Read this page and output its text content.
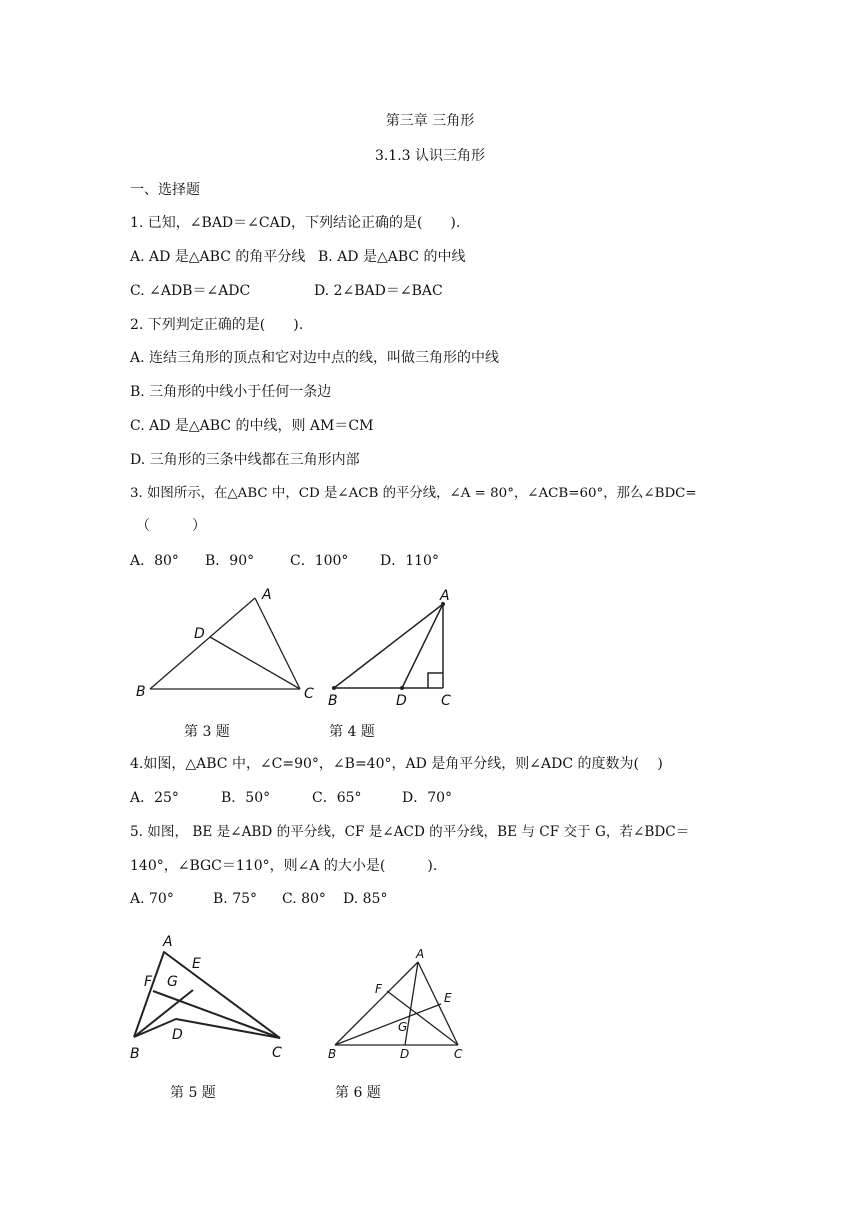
第三章 三角形
3.1.3 认识三角形
一、选择题
1. 已知，∠BAD＝∠CAD，下列结论正确的是(　　).
A. AD 是△ABC 的角平分线 B. AD 是△ABC 的中线
C. ∠ADB＝∠ADC	D. 2∠BAD＝∠BAC
2. 下列判定正确的是(　　).
A. 连结三角形的顶点和它对边中点的线，叫做三角形的中线
B. 三角形的中线小于任何一条边
C. AD 是△ABC 的中线，则 AM＝CM
D. 三角形的三条中线都在三角形内部
3. 如图所示，在△ABC 中，CD 是∠ACB 的平分线，∠A = 80°，∠ACB=60°，那么∠BDC=
（　　　）
A．80° B．90°	C．100° D．110°
A
D
B	C
第 3 题
A
B	D C
第 4 题
4.如图，△ABC 中，∠C=90°，∠B=40°，AD 是角平分线，则∠ADC 的度数为(　 )
A．25°	B．50°	C．65°	D．70°
5. 如图， BE 是∠ABD 的平分线，CF 是∠ACD 的平分线，BE 与 CF 交于 G，若∠BDC＝
140°，∠BGC＝110°，则∠A 的大小是(　　　).
A. 70°	B. 75° C. 80° D. 85°
A
E
F G
D
B	C
第 5 题
A
F
E
G
B	D	C
第 6 题
